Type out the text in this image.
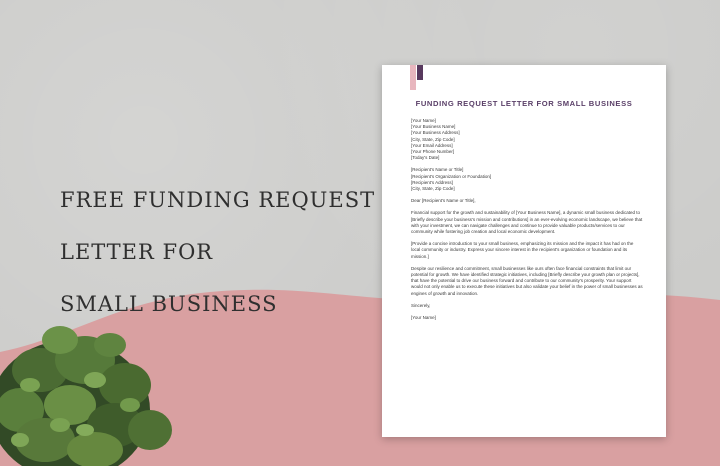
FREE FUNDING REQUEST
LETTER FOR
SMALL BUSINESS
FUNDING REQUEST LETTER FOR SMALL BUSINESS
[Your Name]
[Your Business Name]
[Your Business Address]
[City, State, Zip Code]
[Your Email Address]
[Your Phone Number]
[Today's Date]
[Recipient's Name or Title]
[Recipient's Organization or Foundation]
[Recipient's Address]
[City, State, Zip Code]

Dear [Recipient's Name or Title],

Financial support for the growth and sustainability of [Your Business Name], a dynamic small business dedicated to [Briefly describe your business's mission and contributions] in an ever-evolving economic landscape, we believe that with your investment, we can navigate challenges and continue to provide valuable products/services to our community while fostering job creation and local economic development.

[Provide a concise introduction to your small business, emphasizing its mission and the impact it has had on the local community or industry. Express your sincere interest in the recipient's organization or foundation and its mission.]

Despite our resilience and commitment, small businesses like ours often face financial constraints that limit our potential for growth. We have identified strategic initiatives, including [Briefly describe your growth plan or projects], that have the potential to drive our business forward and contribute to our community's prosperity. Your support would not only enable us to execute these initiatives but also validate your belief in the power of small businesses as engines of growth and innovation.

Sincerely,

[Your Name]
